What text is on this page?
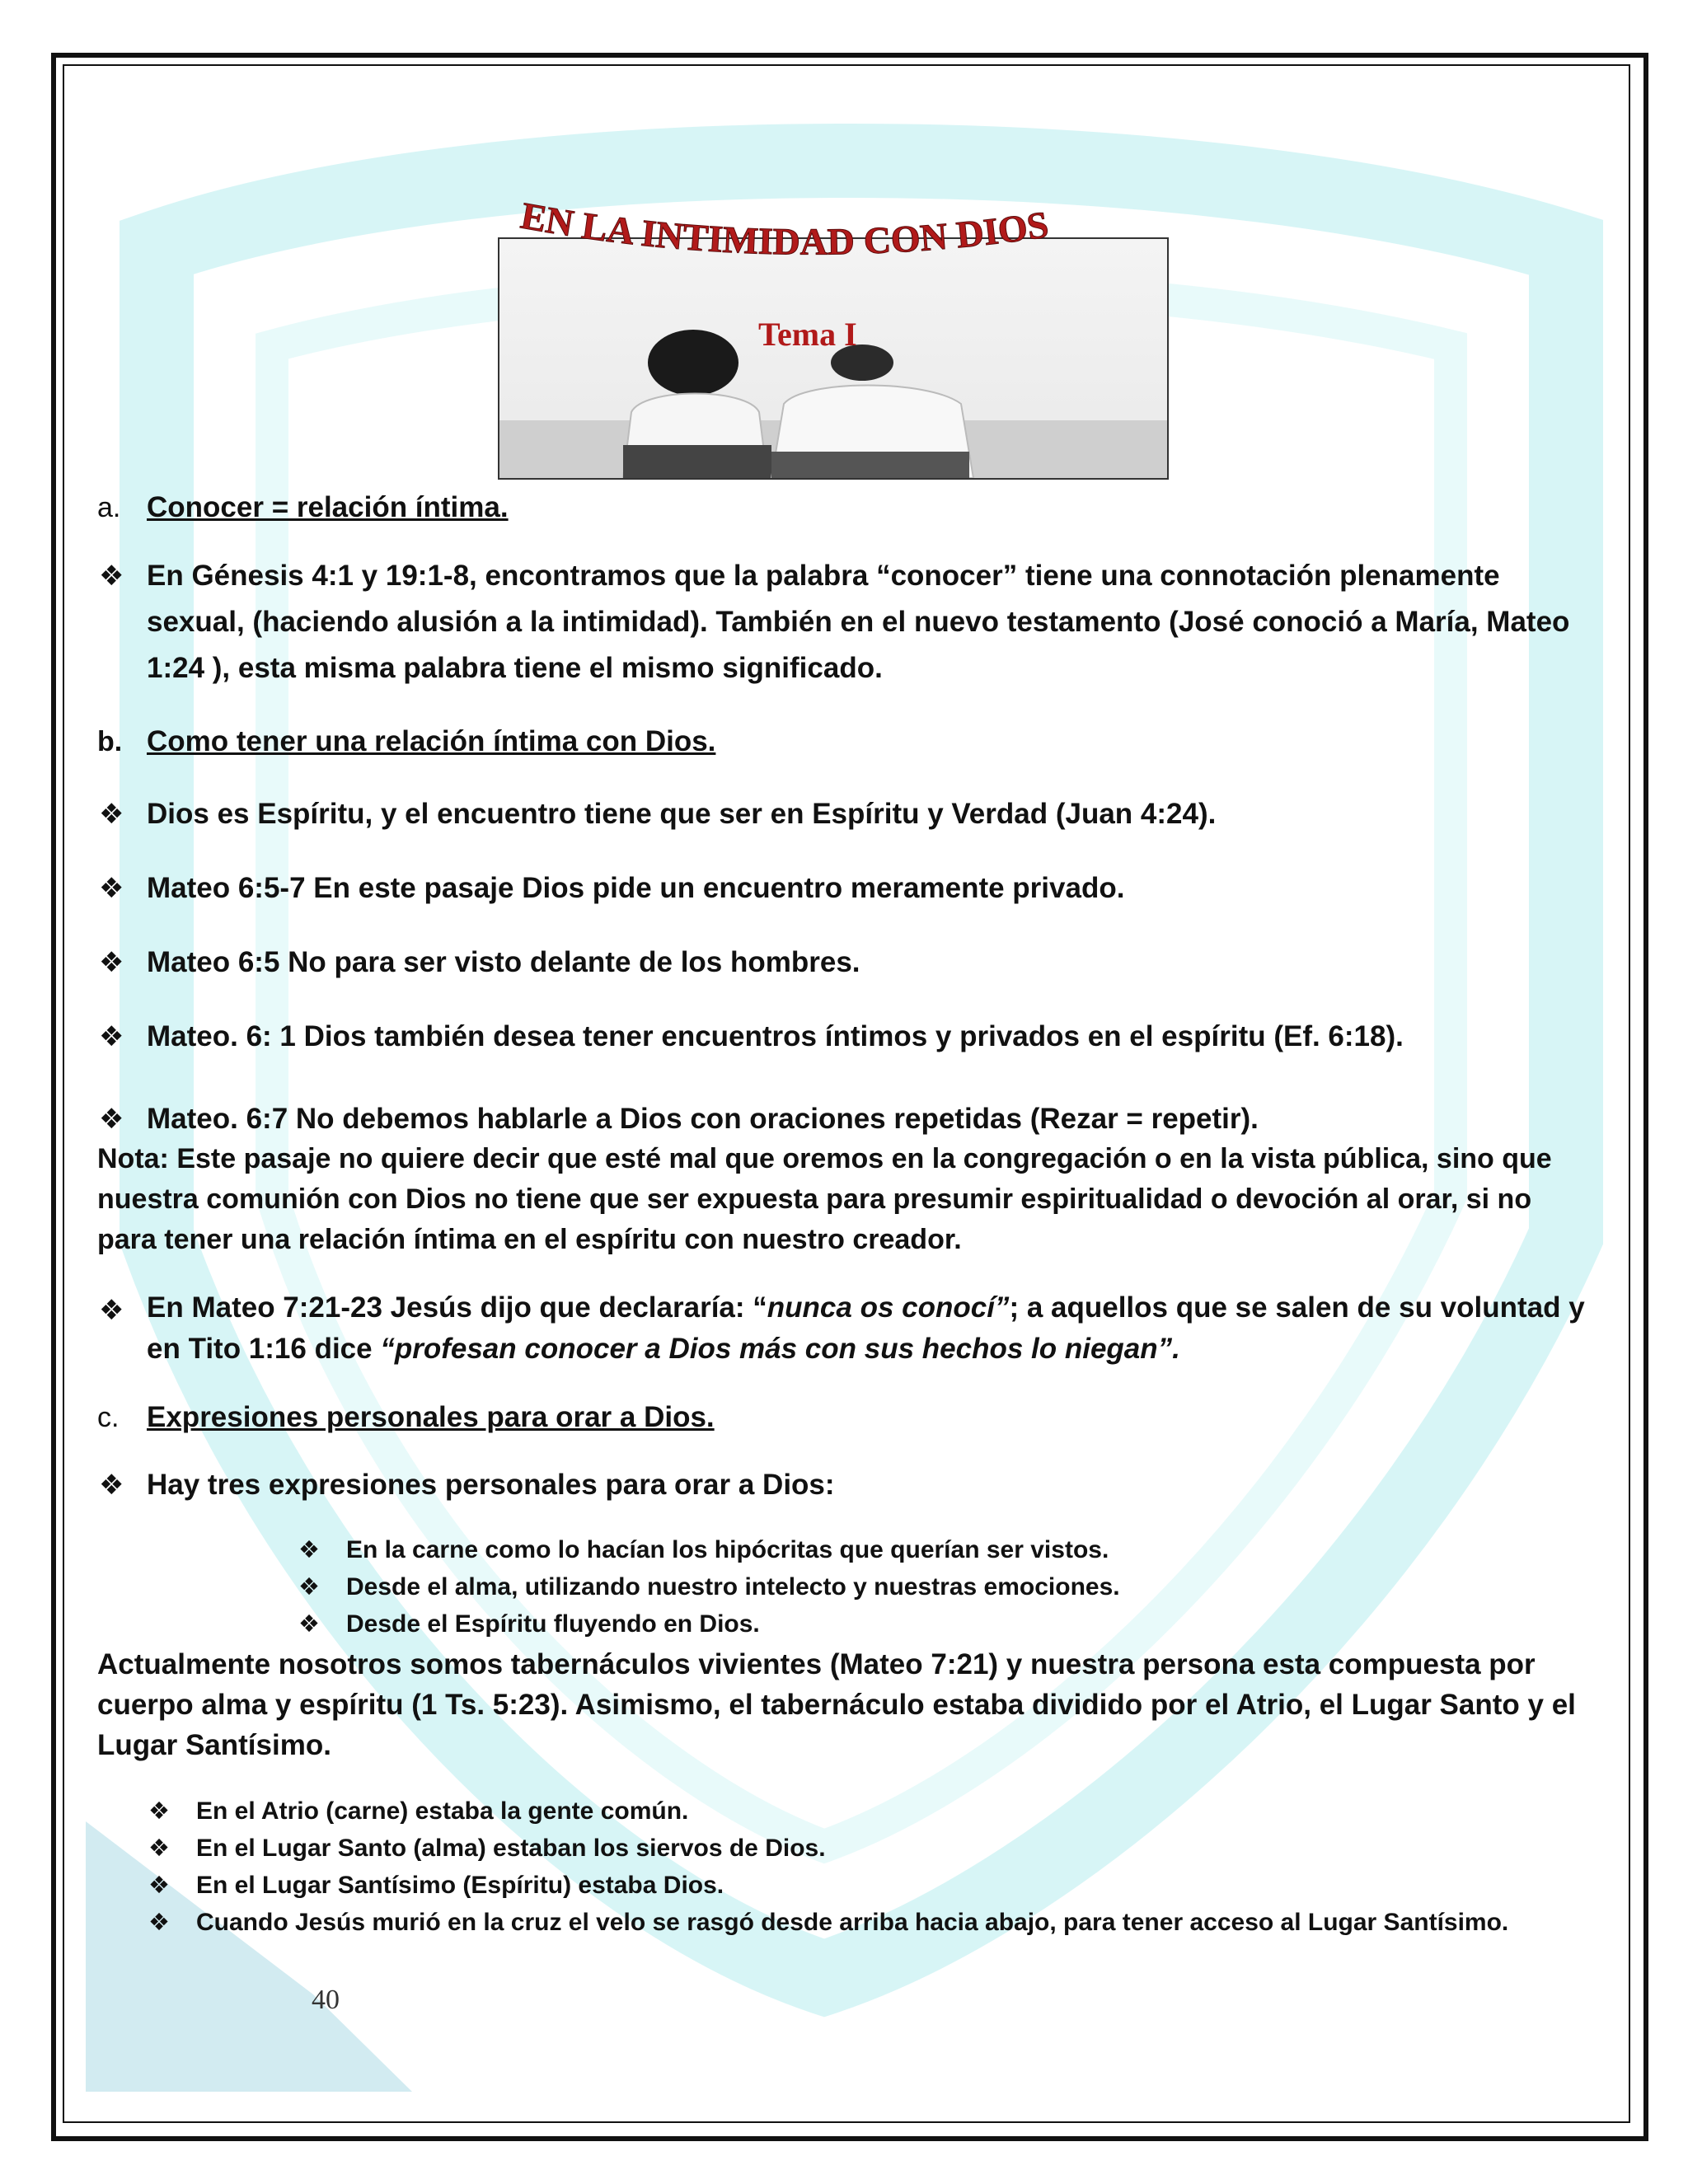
EN LA INTIMIDAD CON DIOS
Tema I
a. Conocer = relación íntima.
❖ En Génesis 4:1 y 19:1-8, encontramos que la palabra “conocer” tiene una connotación plenamente sexual, (haciendo alusión a la intimidad). También en el nuevo testamento (José conoció a María, Mateo 1:24 ), esta misma palabra tiene el mismo significado.
b. Como tener una relación íntima con Dios.
❖ Dios es Espíritu, y el encuentro tiene que ser en Espíritu y Verdad (Juan 4:24).
❖ Mateo 6:5-7 En este pasaje Dios pide un encuentro meramente privado.
❖ Mateo 6:5 No para ser visto delante de los hombres.
❖ Mateo. 6: 1 Dios también desea tener encuentros íntimos y privados en el espíritu (Ef. 6:18).
❖ Mateo. 6:7 No debemos hablarle a Dios con oraciones repetidas (Rezar = repetir).
Nota: Este pasaje no quiere decir que esté mal que oremos en la congregación o en la vista pública, sino que nuestra comunión con Dios no tiene que ser expuesta para presumir espiritualidad o devoción al orar, si no para tener una relación íntima en el espíritu con nuestro creador.
❖ En Mateo 7:21-23 Jesús dijo que declararía: “nunca os conocí”; a aquellos que se salen de su voluntad y en Tito 1:16 dice “profesan conocer a Dios más con sus hechos lo niegan”.
c. Expresiones personales para orar a Dios.
❖ Hay tres expresiones personales para orar a Dios:
❖ En la carne como lo hacían los hipócritas que querían ser vistos.
❖ Desde el alma, utilizando nuestro intelecto y nuestras emociones.
❖ Desde el Espíritu fluyendo en Dios.
Actualmente nosotros somos tabernáculos vivientes (Mateo 7:21) y nuestra persona esta compuesta por cuerpo alma y espíritu (1 Ts. 5:23). Asimismo, el tabernáculo estaba dividido por el Atrio, el Lugar Santo y el Lugar Santísimo.
❖ En el Atrio (carne) estaba la gente común.
❖ En el Lugar Santo (alma) estaban los siervos de Dios.
❖ En el Lugar Santísimo (Espíritu) estaba Dios.
❖ Cuando Jesús murió en la cruz el velo se rasgó desde arriba hacia abajo, para tener acceso al Lugar Santísimo.
40
